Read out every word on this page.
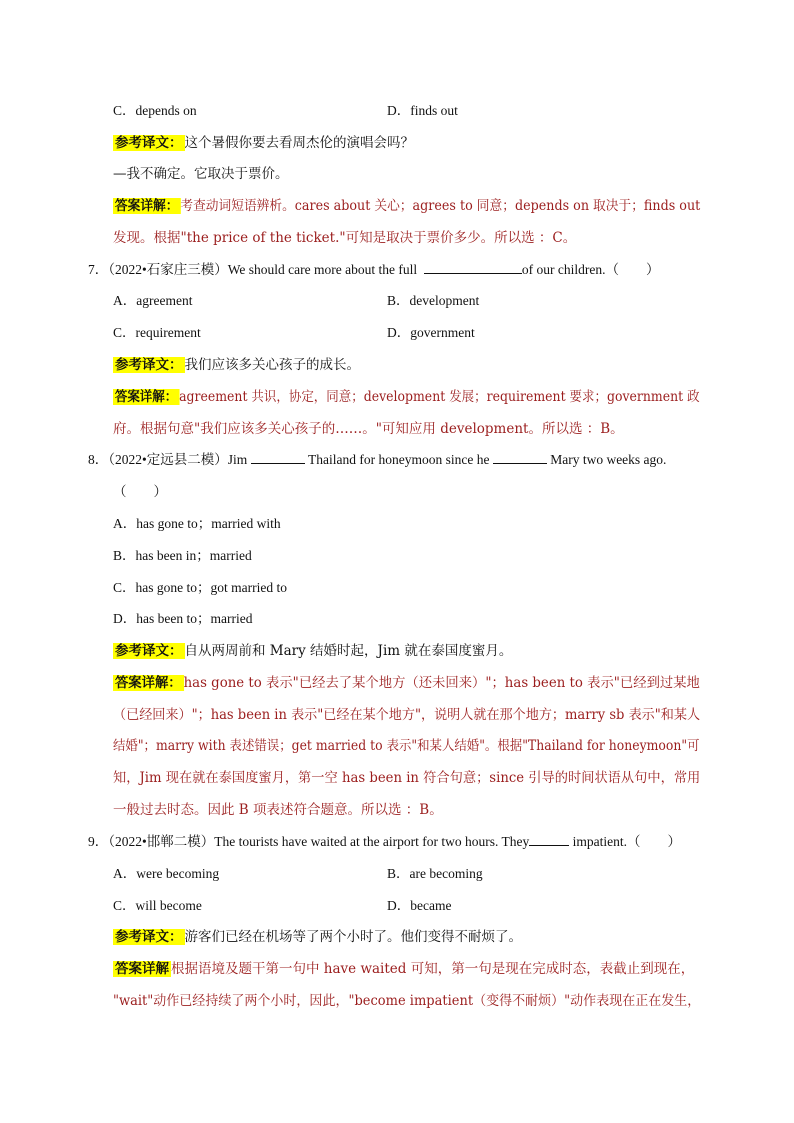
C．depends on	D．finds out
参考译文： 这个暑假你要去看周杰伦的演唱会吗？
—我不确定。它取决于票价。
答案详解： 考查动词短语辨析。cares about 关心；agrees to 同意；depends on 取决于；finds out
发现。根据"the price of the ticket."可知是取决于票价多少。所以选 ：C。
7．（2022•石家庄三模）We should care more about the full	of our children.（　　）
A．agreement	B．development
C．requirement	D．government
参考译文： 我们应该多关心孩子的成长。
答案详解： agreement 共识，协定，同意；development 发展；requirement 要求；government 政
府。根据句意"我们应该多关心孩子的……。"可知应用 development。所以选 ：B。
8．（2022•定远县二模）Jim	Thailand for honeymoon since he	Mary two weeks ago.
（　　）
A．has gone to；married with
B．has been in；married
C．has gone to；got married to
D．has been to；married
参考译文： 自从两周前和 Mary 结婚时起，Jim 就在泰国度蜜月。
答案详解： has gone to 表示"已经去了某个地方（还未回来）"；has been to 表示"已经到过某地
（已经回来）"；has been in 表示"已经在某个地方"，说明人就在那个地方；marry sb 表示"和某人
结婚"；marry with 表述错误；get married to 表示"和某人结婚"。根据"Thailand for honeymoon"可
知，Jim 现在就在泰国度蜜月，第一空 has been in 符合句意；since 引导的时间状语从句中，常用
一般过去时态。因此 B 项表述符合题意。所以选 ：B。
9．（2022•邯郸二模）The tourists have waited at the airport for two hours. They	impatient.（　　）
A．were becoming	B．are becoming
C．will become	D．became
参考译文： 游客们已经在机场等了两个小时了。他们变得不耐烦了。
答案详解 根据语境及题干第一句中 have waited 可知，第一句是现在完成时态，表截止到现在，
"wait"动作已经持续了两个小时，因此，"become impatient（变得不耐烦）"动作表现在正在发生，
